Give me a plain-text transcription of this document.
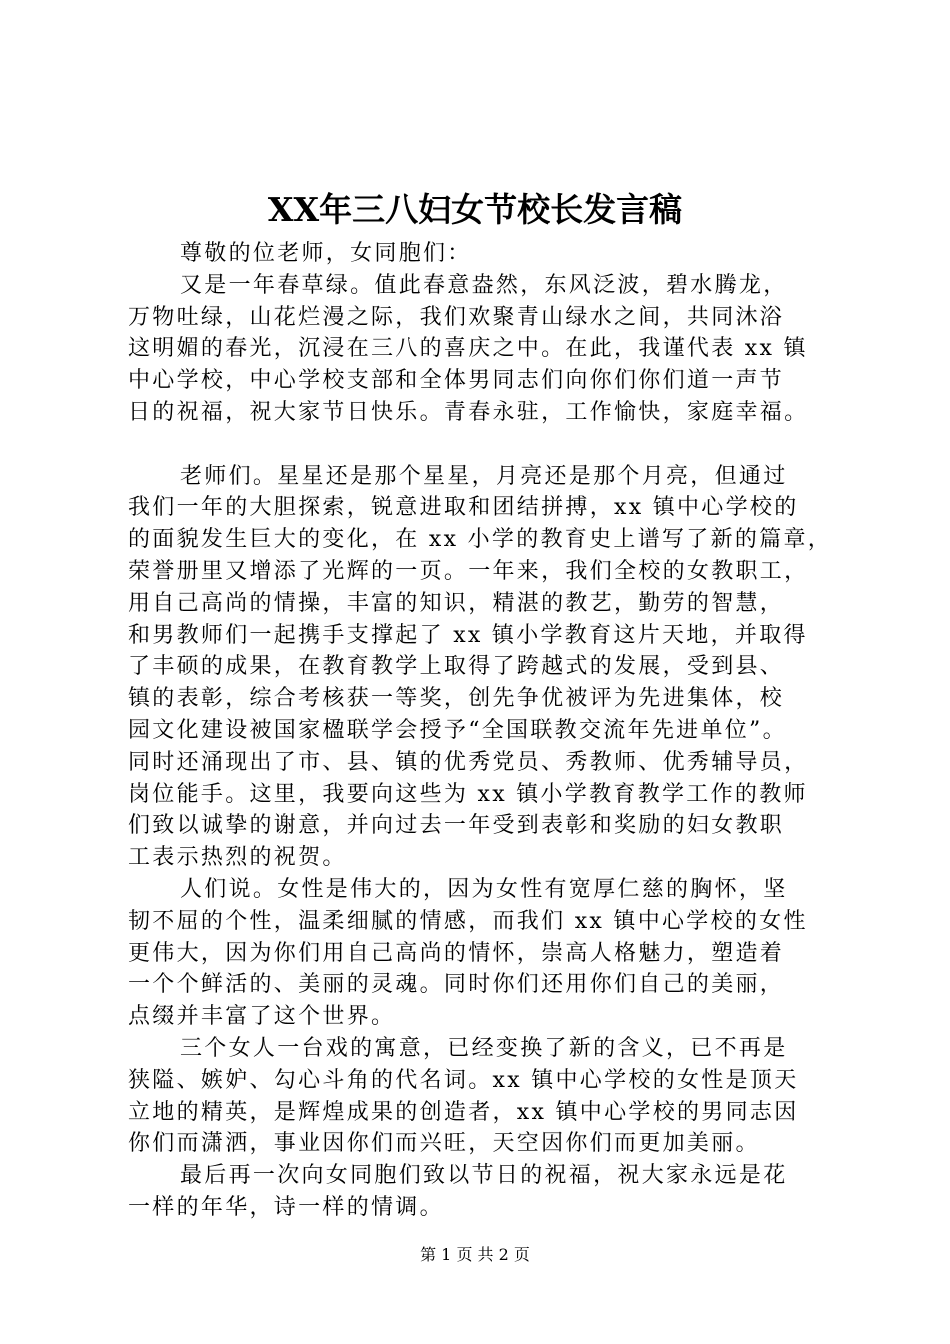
XX年三八妇女节校长发言稿
尊敬的位老师，女同胞们：
又是一年春草绿。值此春意盎然，东风泛波，碧水腾龙，
万物吐绿，山花烂漫之际，我们欢聚青山绿水之间，共同沐浴
这明媚的春光，沉浸在三八的喜庆之中。在此，我谨代表 xx 镇
中心学校，中心学校支部和全体男同志们向你们你们道一声节
日的祝福，祝大家节日快乐。青春永驻，工作愉快，家庭幸福。
老师们。星星还是那个星星，月亮还是那个月亮，但通过
我们一年的大胆探索，锐意进取和团结拼搏，xx 镇中心学校的
的面貌发生巨大的变化，在 xx 小学的教育史上谱写了新的篇章，
荣誉册里又增添了光辉的一页。一年来，我们全校的女教职工，
用自己高尚的情操，丰富的知识，精湛的教艺，勤劳的智慧，
和男教师们一起携手支撑起了 xx 镇小学教育这片天地，并取得
了丰硕的成果，在教育教学上取得了跨越式的发展，受到县、
镇的表彰，综合考核获一等奖，创先争优被评为先进集体，校
园文化建设被国家楹联学会授予“全国联教交流年先进单位”。
同时还涌现出了市、县、镇的优秀党员、秀教师、优秀辅导员，
岗位能手。这里，我要向这些为 xx 镇小学教育教学工作的教师
们致以诚挚的谢意，并向过去一年受到表彰和奖励的妇女教职
工表示热烈的祝贺。
人们说。女性是伟大的，因为女性有宽厚仁慈的胸怀，坚
韧不屈的个性，温柔细腻的情感，而我们 xx 镇中心学校的女性
更伟大，因为你们用自己高尚的情怀，崇高人格魅力，塑造着
一个个鲜活的、美丽的灵魂。同时你们还用你们自己的美丽，
点缀并丰富了这个世界。
三个女人一台戏的寓意，已经变换了新的含义，已不再是
狭隘、嫉妒、勾心斗角的代名词。xx 镇中心学校的女性是顶天
立地的精英，是辉煌成果的创造者，xx 镇中心学校的男同志因
你们而潇洒，事业因你们而兴旺，天空因你们而更加美丽。
最后再一次向女同胞们致以节日的祝福，祝大家永远是花
一样的年华，诗一样的情调。
第 1 页 共 2 页
